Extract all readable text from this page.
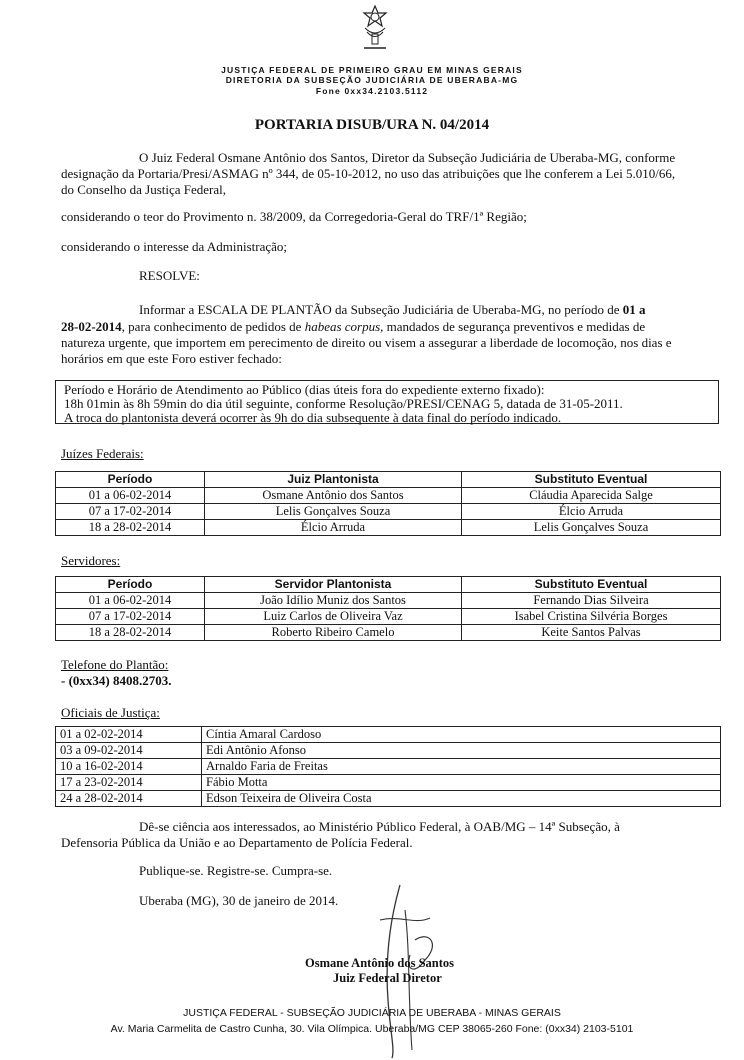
JUSTIÇA FEDERAL DE PRIMEIRO GRAU EM MINAS GERAIS
DIRETORIA DA SUBSEÇÃO JUDICIÁRIA DE UBERABA-MG
Fone 0xx34.2103.5112
PORTARIA DISUB/URA N. 04/2014
O Juiz Federal Osmane Antônio dos Santos, Diretor da Subseção Judiciária de Uberaba-MG, conforme
designação da Portaria/Presi/ASMAG nº 344, de 05-10-2012, no uso das atribuições que lhe conferem a Lei 5.010/66,
do Conselho da Justiça Federal,
considerando o teor do Provimento n. 38/2009, da Corregedoria-Geral do TRF/1ª Região;
considerando o interesse da Administração;
RESOLVE:
Informar a ESCALA DE PLANTÃO da Subseção Judiciária de Uberaba-MG, no período de 01 a
28-02-2014, para conhecimento de pedidos de habeas corpus, mandados de segurança preventivos e medidas de
natureza urgente, que importem em perecimento de direito ou visem a assegurar a liberdade de locomoção, nos dias e
horários em que este Foro estiver fechado:
Período e Horário de Atendimento ao Público (dias úteis fora do expediente externo fixado):
18h 01min às 8h 59min do dia útil seguinte, conforme Resolução/PRESI/CENAG 5, datada de 31-05-2011.
A troca do plantonista deverá ocorrer às 9h do dia subsequente à data final do período indicado.
Juízes Federais:
Período	Juiz Plantonista	Substituto Eventual
01 a 06-02-2014	Osmane Antônio dos Santos	Cláudia Aparecida Salge
07 a 17-02-2014	Lelis Gonçalves Souza	Élcio Arruda
18 a 28-02-2014	Élcio Arruda	Lelis Gonçalves Souza
Servidores:
Período	Servidor Plantonista	Substituto Eventual
01 a 06-02-2014	João Idílio Muniz dos Santos	Fernando Dias Silveira
07 a 17-02-2014	Luiz Carlos de Oliveira Vaz	Isabel Cristina Silvéria Borges
18 a 28-02-2014	Roberto Ribeiro Camelo	Keite Santos Palvas
Telefone do Plantão:
- (0xx34) 8408.2703.
Oficiais de Justiça:
01 a 02-02-2014	Cíntia Amaral Cardoso
03 a 09-02-2014	Edi Antônio Afonso
10 a 16-02-2014	Arnaldo Faria de Freitas
17 a 23-02-2014	Fábio Motta
24 a 28-02-2014	Edson Teixeira de Oliveira Costa
Dê-se ciência aos interessados, ao Ministério Público Federal, à OAB/MG – 14ª Subseção, à
Defensoria Pública da União e ao Departamento de Polícia Federal.
Publique-se. Registre-se. Cumpra-se.
Uberaba (MG), 30 de janeiro de 2014.
Osmane Antônio dos Santos
Juiz Federal Diretor
JUSTIÇA FEDERAL - SUBSEÇÃO JUDICIÁRIA DE UBERABA - MINAS GERAIS
Av. Maria Carmelita de Castro Cunha, 30. Vila Olímpica. Uberaba/MG CEP 38065-260 Fone: (0xx34) 2103-5101
